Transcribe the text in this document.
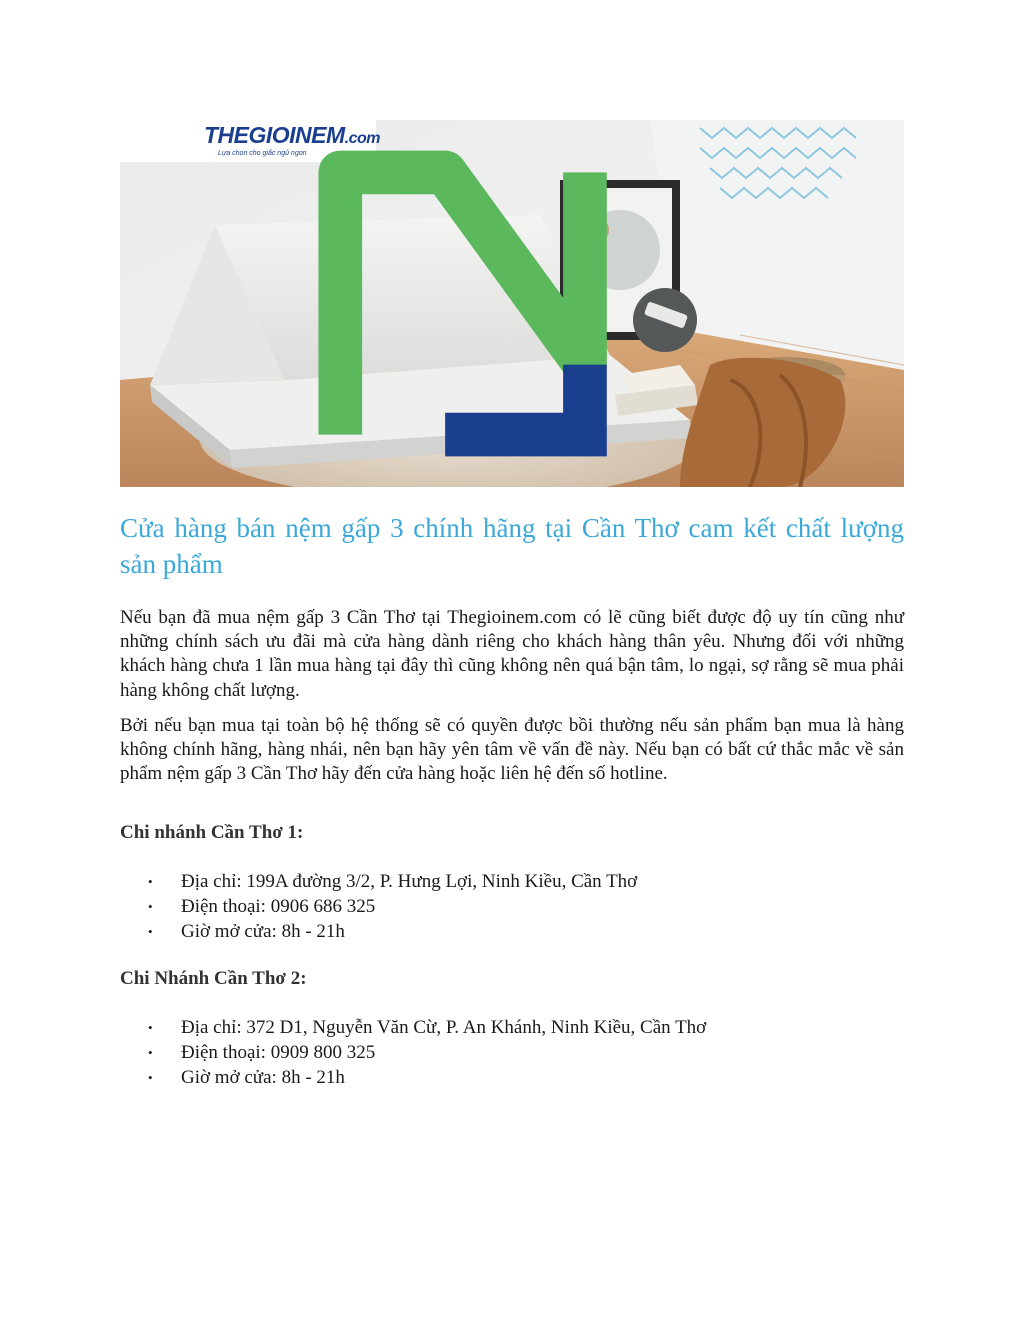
THEGIOINEM.com
Lựa chọn cho giấc ngủ ngon
Cửa hàng bán nệm gấp 3 chính hãng tại Cần Thơ cam kết chất lượng sản phẩm

Nếu bạn đã mua nệm gấp 3 Cần Thơ tại Thegioinem.com có lẽ cũng biết được độ uy tín cũng như những chính sách ưu đãi mà cửa hàng dành riêng cho khách hàng thân yêu. Nhưng đối với những khách hàng chưa 1 lần mua hàng tại đây thì cũng không nên quá bận tâm, lo ngại, sợ rằng sẽ mua phải hàng không chất lượng.

Bởi nếu bạn mua tại toàn bộ hệ thống sẽ có quyền được bồi thường nếu sản phẩm bạn mua là hàng không chính hãng, hàng nhái, nên bạn hãy yên tâm về vấn đề này. Nếu bạn có bất cứ thắc mắc về sản phẩm nệm gấp 3 Cần Thơ hãy đến cửa hàng hoặc liên hệ đến số hotline.

Chi nhánh Cần Thơ 1:

• Địa chỉ: 199A đường 3/2, P. Hưng Lợi, Ninh Kiều, Cần Thơ
• Điện thoại: 0906 686 325
• Giờ mở cửa: 8h - 21h

Chi Nhánh Cần Thơ 2:

• Địa chỉ: 372 D1, Nguyễn Văn Cừ, P. An Khánh, Ninh Kiều, Cần Thơ
• Điện thoại: 0909 800 325
• Giờ mở cửa: 8h - 21h
